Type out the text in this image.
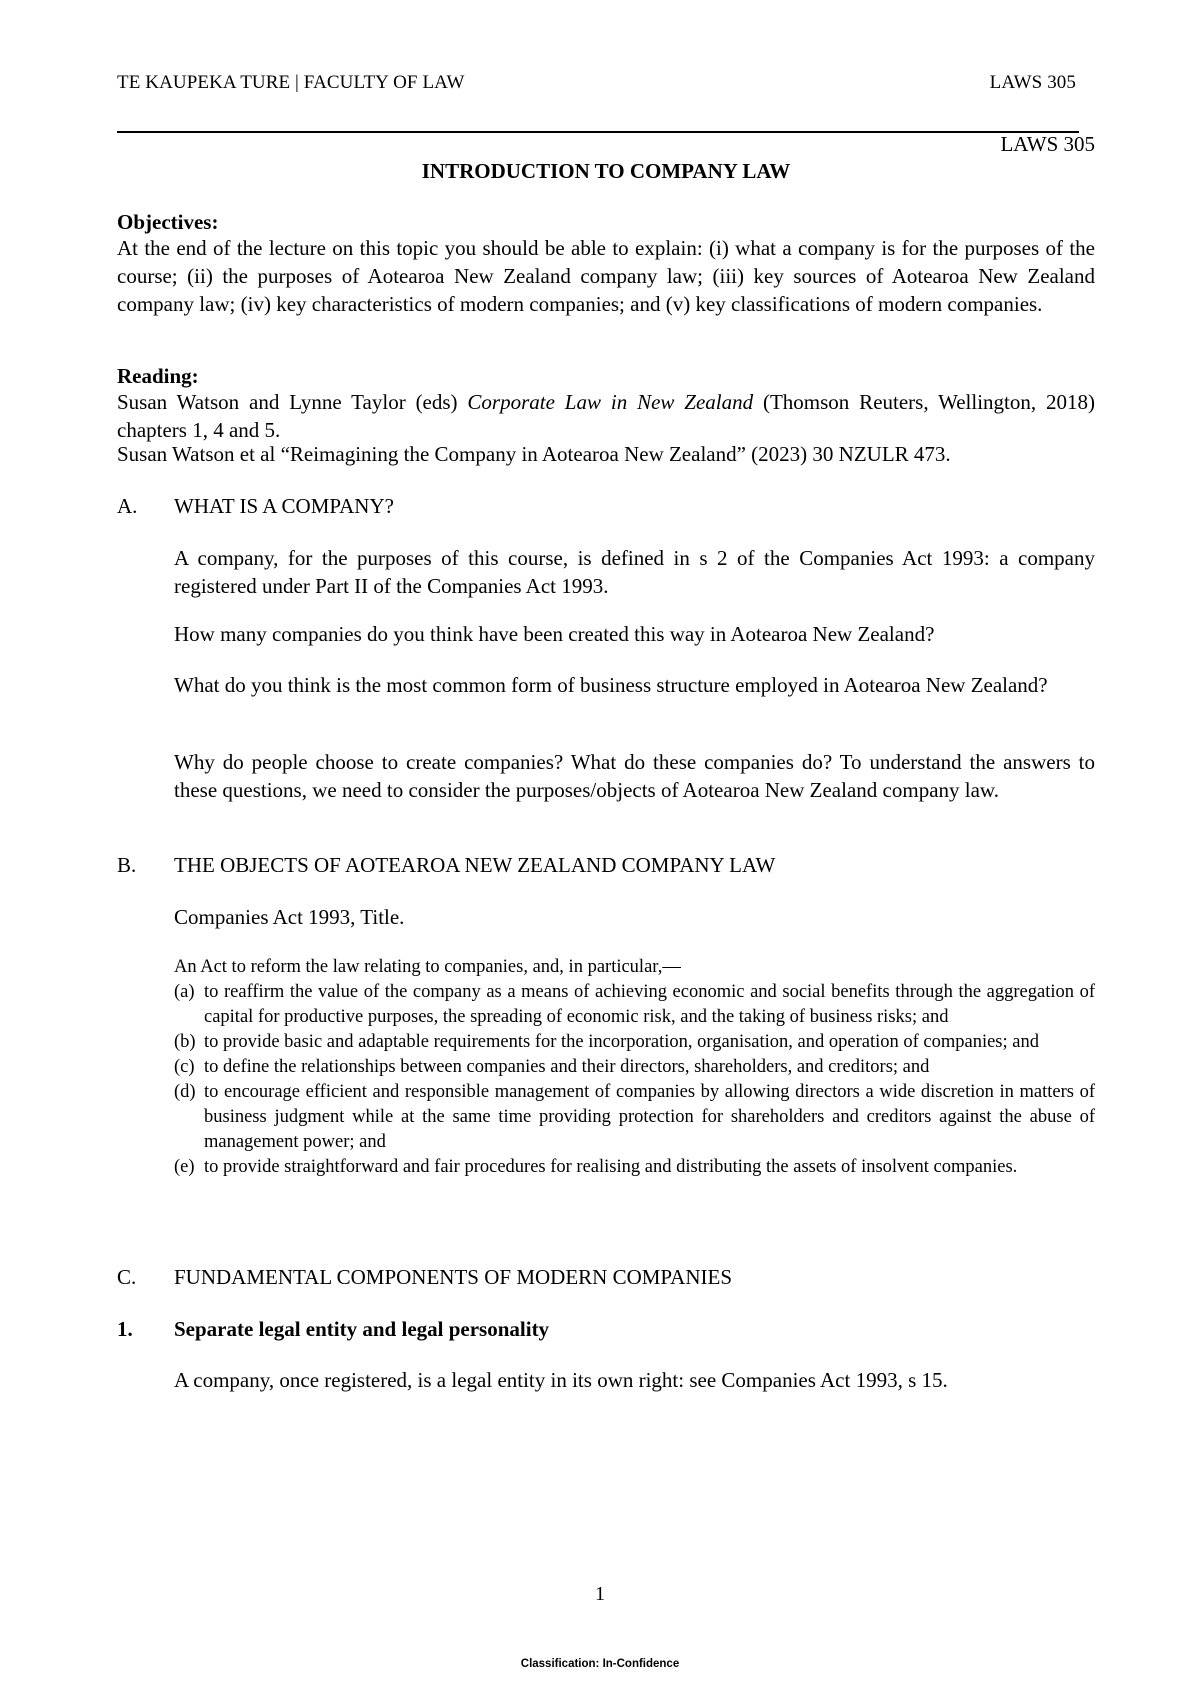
TE KAUPEKA TURE | FACULTY OF LAW	LAWS 305

LAWS 305

INTRODUCTION TO COMPANY LAW

Objectives:

At the end of the lecture on this topic you should be able to explain: (i) what a company is for the purposes of the course; (ii) the purposes of Aotearoa New Zealand company law; (iii) key sources of Aotearoa New Zealand company law; (iv) key characteristics of modern companies; and (v) key classifications of modern companies.

Reading:

Susan Watson and Lynne Taylor (eds) Corporate Law in New Zealand (Thomson Reuters, Wellington, 2018) chapters 1, 4 and 5.

Susan Watson et al “Reimagining the Company in Aotearoa New Zealand” (2023) 30 NZULR 473.

A. WHAT IS A COMPANY?

A company, for the purposes of this course, is defined in s 2 of the Companies Act 1993: a company registered under Part II of the Companies Act 1993.

How many companies do you think have been created this way in Aotearoa New Zealand?

What do you think is the most common form of business structure employed in Aotearoa New Zealand?

Why do people choose to create companies? What do these companies do? To understand the answers to these questions, we need to consider the purposes/objects of Aotearoa New Zealand company law.

B. THE OBJECTS OF AOTEAROA NEW ZEALAND COMPANY LAW

Companies Act 1993, Title.

An Act to reform the law relating to companies, and, in particular,—
(a) to reaffirm the value of the company as a means of achieving economic and social benefits through the aggregation of capital for productive purposes, the spreading of economic risk, and the taking of business risks; and
(b) to provide basic and adaptable requirements for the incorporation, organisation, and operation of companies; and
(c) to define the relationships between companies and their directors, shareholders, and creditors; and
(d) to encourage efficient and responsible management of companies by allowing directors a wide discretion in matters of business judgment while at the same time providing protection for shareholders and creditors against the abuse of management power; and
(e) to provide straightforward and fair procedures for realising and distributing the assets of insolvent companies.
C. FUNDAMENTAL COMPONENTS OF MODERN COMPANIES
1. Separate legal entity and legal personality

A company, once registered, is a legal entity in its own right: see Companies Act 1993, s 15.

1
Classification: In-Confidence
